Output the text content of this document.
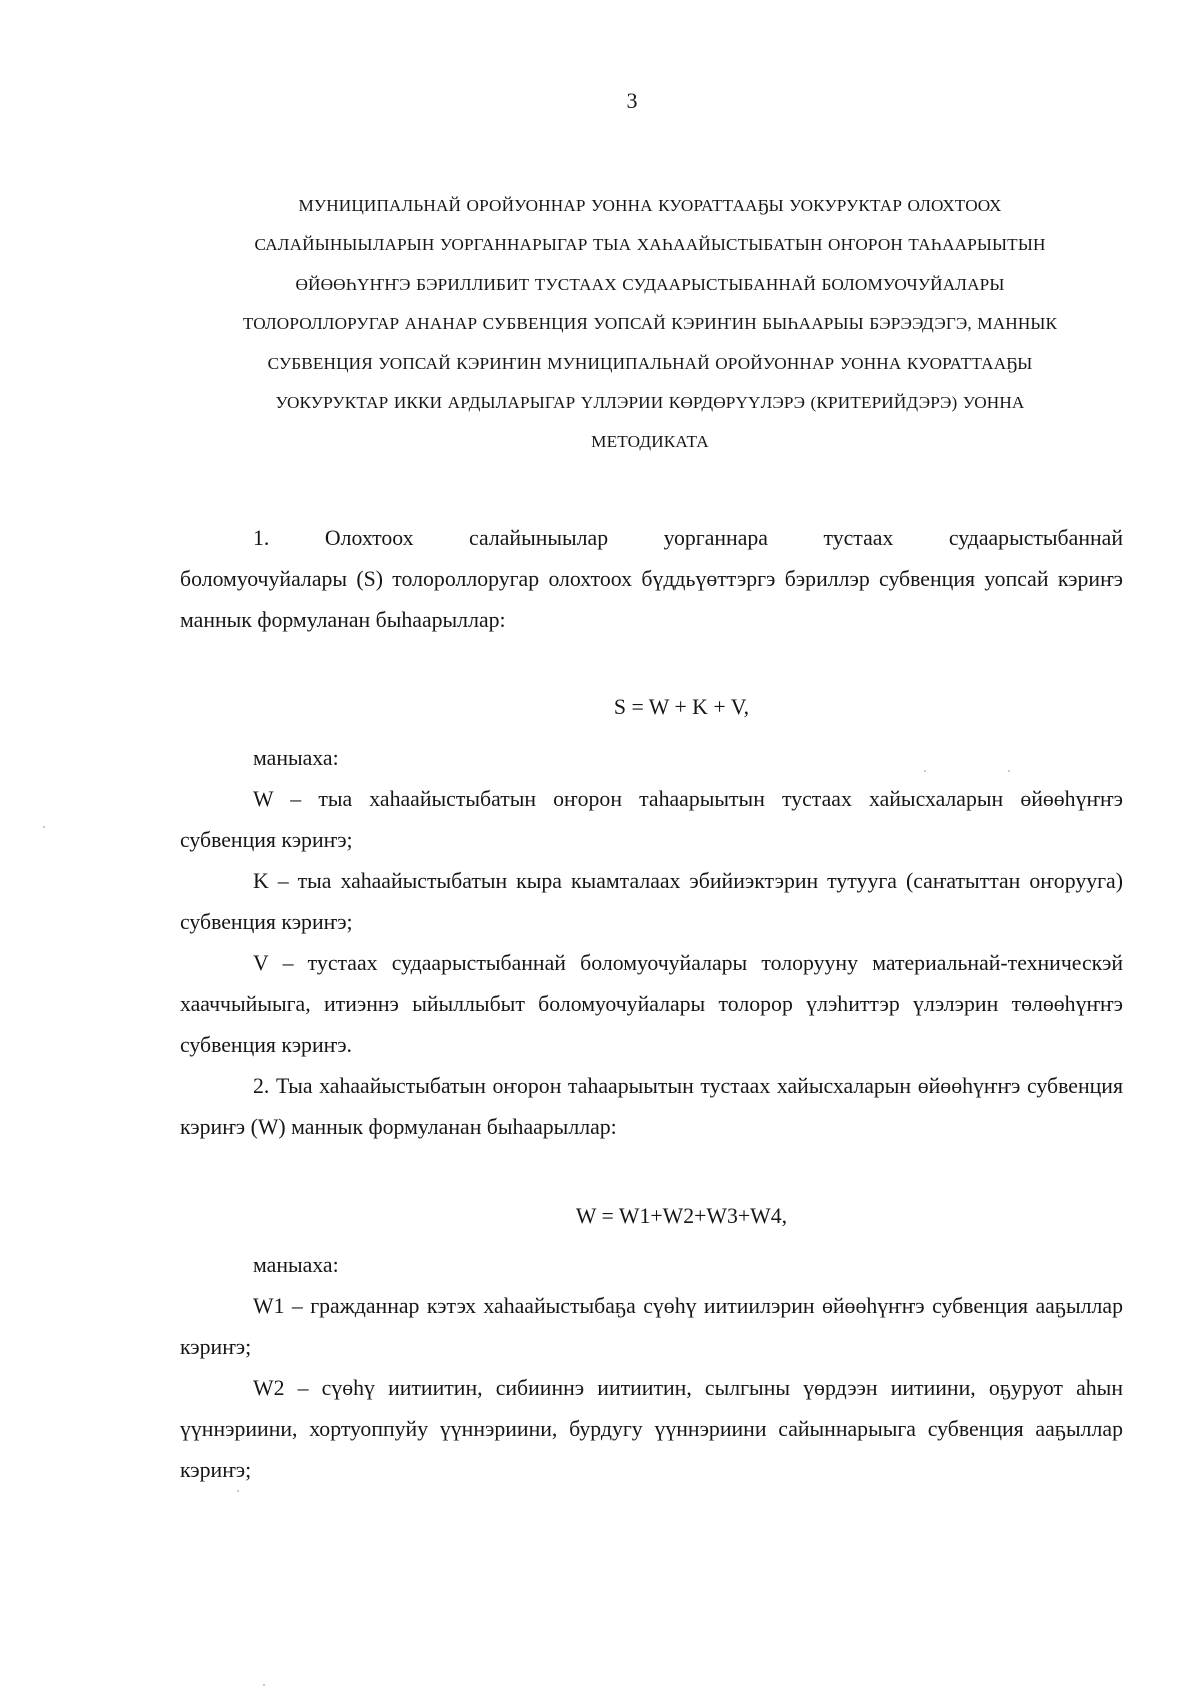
3

МУНИЦИПАЛЬНАЙ ОРОЙУОННАР УОННА КУОРАТТААҔЫ УОКУРУКТАР ОЛОХТООХ
САЛАЙЫНЫЫЛАРЫН УОРГАННАРЫГАР ТЫА ХАҺААЙЫСТЫБАТЫН ОҤОРОН ТАҺААРЫЫТЫН
ӨЙӨӨҺҮҤҤЭ БЭРИЛЛИБИТ ТУСТААХ СУДААРЫСТЫБАННАЙ БОЛОМУОЧУЙАЛАРЫ
ТОЛОРОЛЛОРУГАР АНАНАР СУБВЕНЦИЯ УОПСАЙ КЭРИҤИН БЫҺААРЫЫ БЭРЭЭДЭГЭ, МАННЫК
СУБВЕНЦИЯ УОПСАЙ КЭРИҤИН МУНИЦИПАЛЬНАЙ ОРОЙУОННАР УОННА КУОРАТТААҔЫ
УОКУРУКТАР ИККИ АРДЫЛАРЫГАР ҮЛЛЭРИИ КӨРДӨРҮҮЛЭРЭ (КРИТЕРИЙДЭРЭ) УОННА
МЕТОДИКАТА

1.    Олохтоох    салайыныылар    уорганнара    тустаах    судаарыстыбаннай

боломуочуйалары (S) толороллоругар олохтоох бүддьүөттэргэ бэриллэр субвенция уопсай кэриҥэ маннык формуланан быһаарыллар:

S = W + K + V,

маныаха:

W – тыа хаһаайыстыбатын оҥорон таһаарыытын тустаах хайысхаларын өйөөһүҥҥэ субвенция кэриҥэ;

K – тыа хаһаайыстыбатын кыра кыамталаах эбийиэктэрин тутууга (саҥатыттан оҥорууга) субвенция кэриҥэ;

V – тустаах судаарыстыбаннай боломуочуйалары толорууну материальнай-техническэй хааччыйыыга, итиэннэ ыйыллыбыт боломуочуйалары толорор үлэһиттэр үлэлэрин төлөөһүҥҥэ субвенция кэриҥэ.

2. Тыа хаһаайыстыбатын оҥорон таһаарыытын тустаах хайысхаларын өйөөһүҥҥэ субвенция кэриҥэ (W) маннык формуланан быһаарыллар:

W = W1+W2+W3+W4,

маныаха:

W1 – гражданнар кэтэх хаһаайыстыбаҕа сүөһү иитиилэрин өйөөһүҥҥэ субвенция ааҕыллар кэриҥэ;

W2 – сүөһү иитиитин, сибииннэ иитиитин, сылгыны үөрдээн иитиини, оҕуруот аһын үүннэриини, хортуоппуйу үүннэриини, бурдугу үүннэриини сайыннарыыга субвенция ааҕыллар кэриҥэ;
